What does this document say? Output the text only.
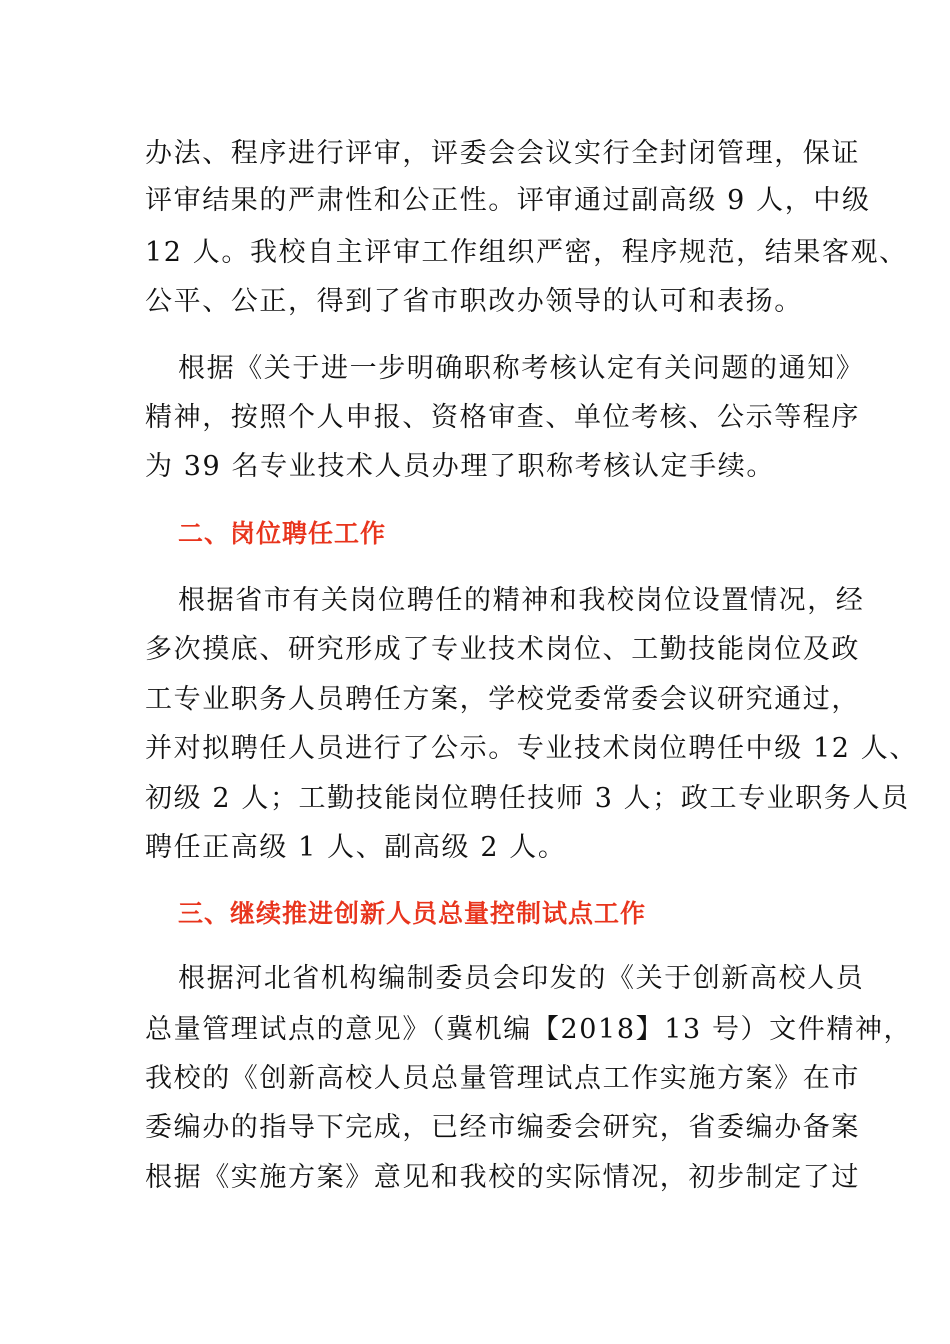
办法、程序进行评审，评委会会议实行全封闭管理，保证
评审结果的严肃性和公正性。评审通过副高级 9 人，中级
12 人。我校自主评审工作组织严密，程序规范，结果客观、
公平、公正，得到了省市职改办领导的认可和表扬。
根据《关于进一步明确职称考核认定有关问题的通知》
精神，按照个人申报、资格审查、单位考核、公示等程序
为 39 名专业技术人员办理了职称考核认定手续。
二、岗位聘任工作
根据省市有关岗位聘任的精神和我校岗位设置情况，经
多次摸底、研究形成了专业技术岗位、工勤技能岗位及政
工专业职务人员聘任方案，学校党委常委会议研究通过，
并对拟聘任人员进行了公示。专业技术岗位聘任中级 12 人、
初级 2 人；工勤技能岗位聘任技师 3 人；政工专业职务人员
聘任正高级 1 人、副高级 2 人。
三、继续推进创新人员总量控制试点工作
根据河北省机构编制委员会印发的《关于创新高校人员
总量管理试点的意见》（冀机编【2018】13 号）文件精神，
我校的《创新高校人员总量管理试点工作实施方案》在市
委编办的指导下完成，已经市编委会研究，省委编办备案
根据《实施方案》意见和我校的实际情况，初步制定了过
